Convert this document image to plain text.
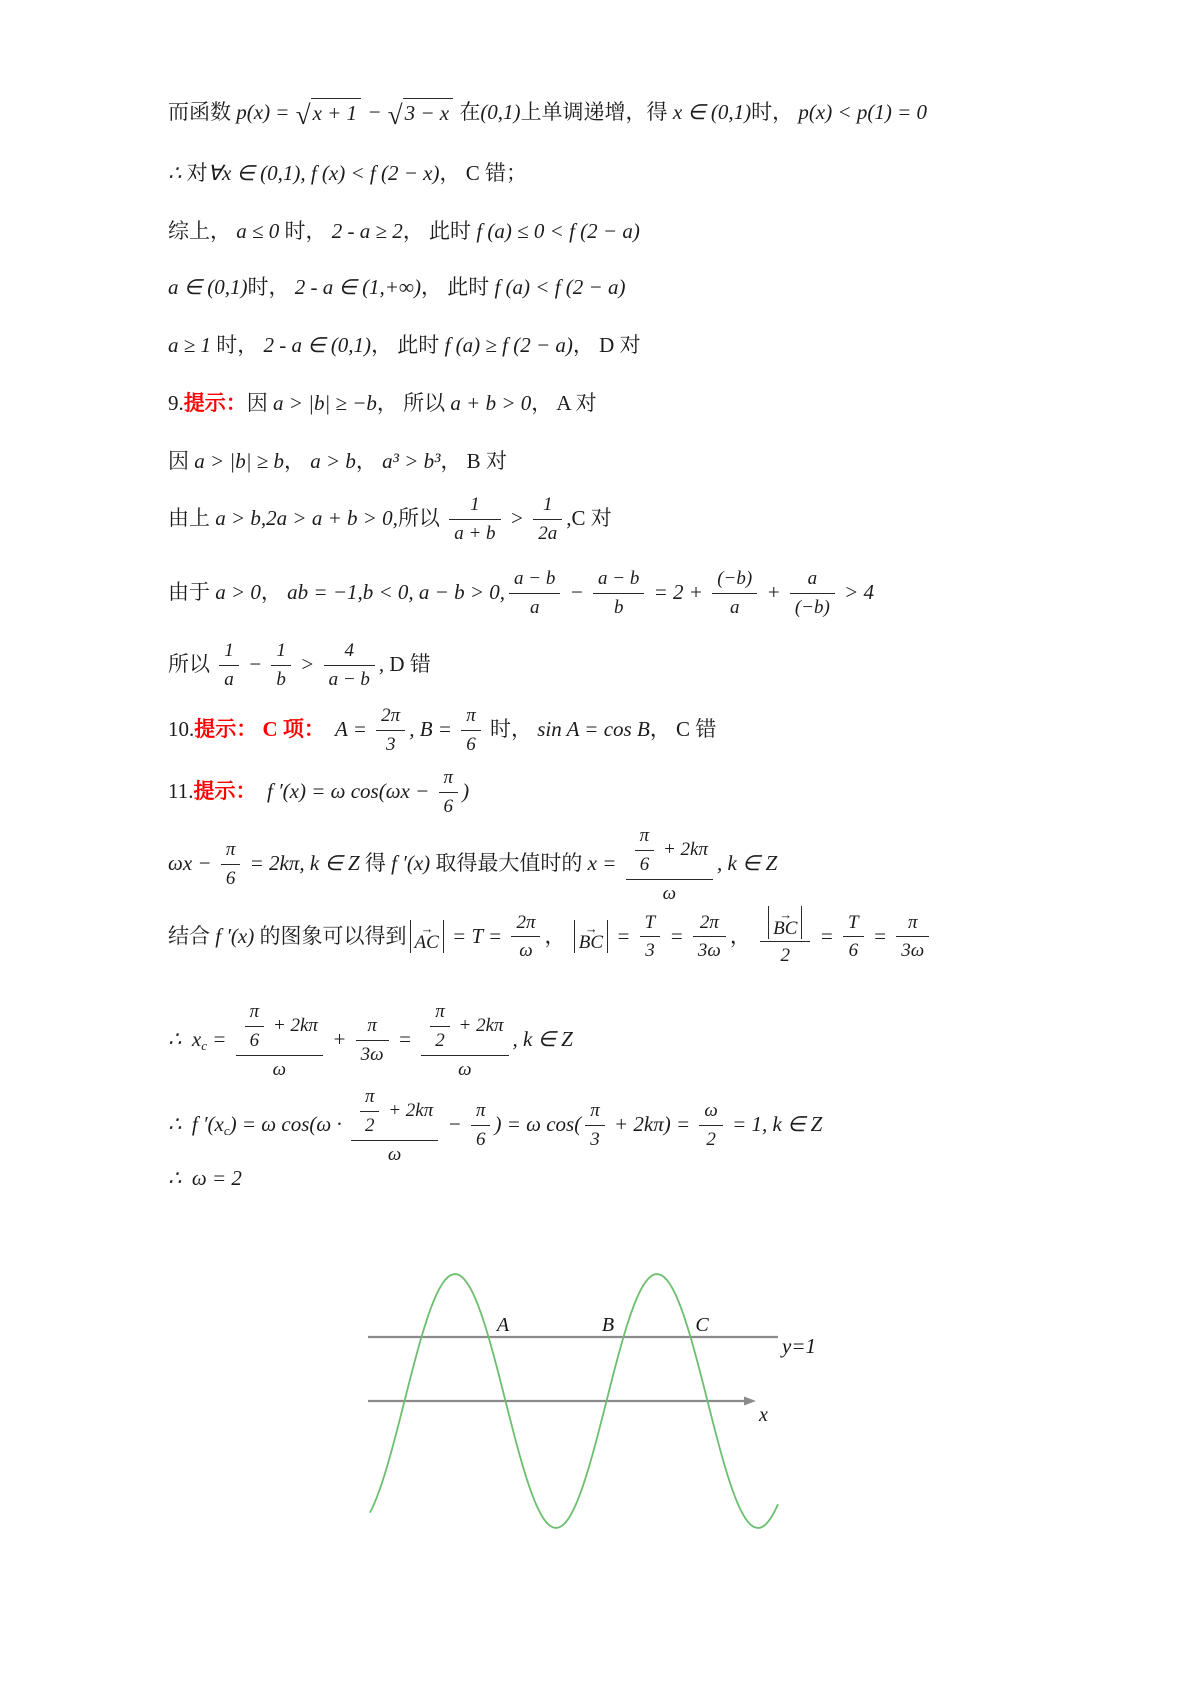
而函数 p(x) = √ x + 1 − √ 3 − x 在 (0,1) 上单调递增，得 x ∈ (0,1) 时， p(x) < p(1) = 0
∴ 对 ∀x ∈ (0,1), f (x) < f (2 − x) ， C 错；
综上， a ≤ 0 时， 2 - a ≥ 2 ， 此时 f (a) ≤ 0 < f (2 − a)
a ∈ (0,1) 时， 2 - a ∈ (1,+∞) ， 此时 f (a) < f (2 − a)
a ≥ 1 时， 2 - a ∈ (0,1) ， 此时 f (a) ≥ f (2 − a) ， D 对
9. 提示： 因 a > |b| ≥ −b ， 所以 a + b > 0 ， A 对
因 a > |b| ≥ b ， a > b ， a³ > b³ ， B 对
由上 a > b,2a > a + b > 0, 所以 $\frac{1}{a + b} > \frac{1}{2a} ,C$ 对
由于 a > 0 ， ab = −1,b < 0, a − b > 0, $\frac{a - b}{a} - \frac{a - b}{b} = 2 + \frac{(-b)}{a} + \frac{a}{(-b)} > 4$
所以 $\frac{1}{a} - \frac{1}{b} > \frac{4}{a - b}$ , D 错
10. 提示： C 项： $A = \frac{2\pi}{3}$ , $B = \frac{\pi}{6}$ 时， sin A = cos B ， C 错
11. 提示： f ′(x) = ω $\cos(\omega x - \frac{\pi}{6}$ )
$\omega x - \frac{\pi}{6} = 2k\pi$, k ∈ Z 得 f ′(x) 取得最大值时的 $x = \frac{\frac{\pi}{6} + 2k\pi}{\omega}$ , k ∈ Z
结合 f ′(x) 的图象可以得到 →
AC = $T = \frac{2\pi}{\omega}$ ， →
BC = $\frac{T}{3} = \frac{2\pi}{3\omega}$ ， →
BC
$2 = \frac{T}{6} = \frac{\pi}{3\omega}$
∴  x $c = \frac{\frac{\pi}{6} + 2k\pi}{\omega} + \frac{\pi}{3\omega} = \frac{\frac{\pi}{2} + 2k\pi}{\omega}$ , k ∈ Z
∴  f ′(x c ) = ω $\cos(\omega \cdot \frac{\frac{\pi}{2} + 2k\pi}{\omega} - \frac{\pi}{6}$ ) = ω $\cos( \frac{\pi}{3} + 2k\pi) = \frac{\omega}{2} = 1$, k ∈ Z
∴  ω = 2
A	B	C
y=1
x
